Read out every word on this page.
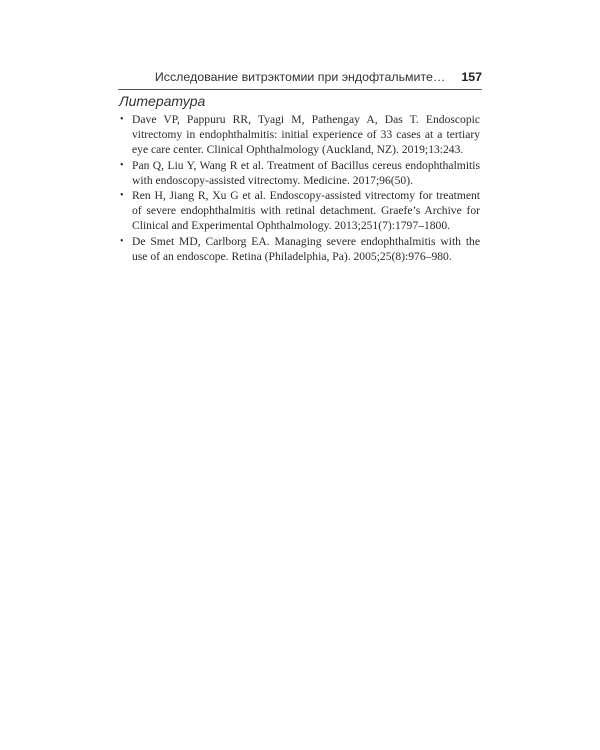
Исследование витрэктомии при эндофтальмите… 157
Литература
• Dave VP, Pappuru RR, Tyagi M, Pathengay A, Das T. Endoscopic vitrectomy in endophthalmitis: initial experience of 33 cases at a tertiary eye care center. Clinical Ophthalmology (Auckland, NZ). 2019;13:243.
• Pan Q, Liu Y, Wang R et al. Treatment of Bacillus cereus endophthalmitis with endoscopy-assisted vitrectomy. Medicine. 2017;96(50).
• Ren H, Jiang R, Xu G et al. Endoscopy-assisted vitrectomy for treatment of severe endophthalmitis with retinal detachment. Graefe’s Archive for Clinical and Experimental Ophthalmology. 2013;251(7):1797–1800.
• De Smet MD, Carlborg EA. Managing severe endophthalmitis with the use of an endoscope. Retina (Philadelphia, Pa). 2005;25(8):976–980.
